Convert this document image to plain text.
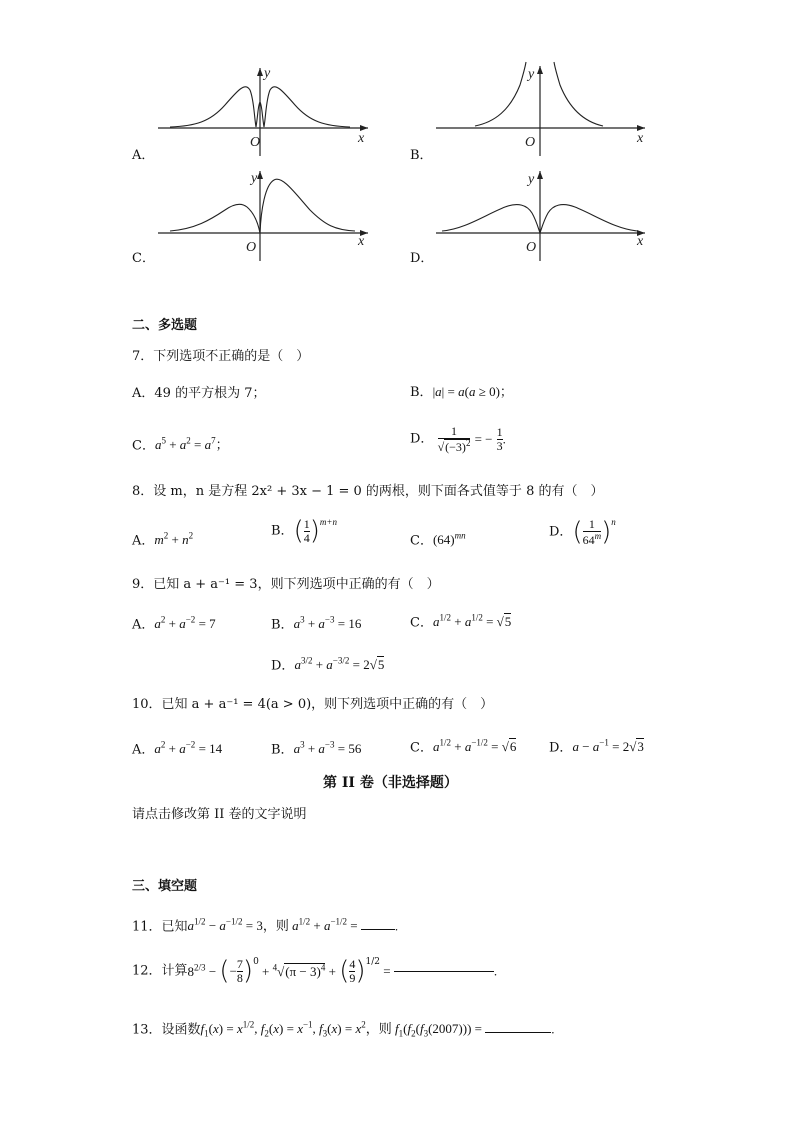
O
y
x
A．
O
y
x
B．
O
y
x
C．
O
y
x
D．
二、多选题
7．下列选项不正确的是（　）
A．49 的平方根为 7；	B．|a| = a(a ≥ 0)；
C．$a^5 + a^2 = a^7$；	D． $\frac{1}{√(-3)^2}$ = − $\frac{1}{3}$ .
8．设 m，n 是方程 2x² + 3x − 1 = 0 的两根，则下面各式值等于 8 的有（　）
A．$m^2 + n^2$	B．( $\frac{1}{4} )^{m+n}$
C．$(64)^{mn}$	D．( $\frac{1}{64^m} )^n$
9．已知 a + a⁻¹ = 3，则下列选项中正确的有（　）
A．$a^2 + a^{-2} = 7$	B．$a^3 + a^{-3} = 16$	C．$a^{1/2} + a^{1/2} = √5$
D．$a^{3/2} + a^{-3/2} = 2√5$
10．已知 a + a⁻¹ = 4(a > 0)，则下列选项中正确的有（　）
A．$a^2 + a^{-2} = 14$	B．$a^3 + a^{-3} = 56$	C．$a^{1/2} + a^{-1/2} = √6$	D．$a - a^{-1} = 2√3$
第 II 卷（非选择题）
请点击修改第 II 卷的文字说明
三、填空题
11．已知$a^{1/2} - a^{-1/2} = 3$，则 $a^{1/2} + a^{-1/2}$ =	.
12．计算$8^{2/3}$ − (− $\frac{7}{8} )^0 + ^4√(\pi - 3)^4$ + ( $\frac{4}{9} )^{1/2}$ =	.
13．设函数$f_1(x) = x^{1/2}$, $f_2(x) = x^{-1}$, $f_3(x) = x^2$，则 $f_1(f_2(f_3(2007)))$ =	.
